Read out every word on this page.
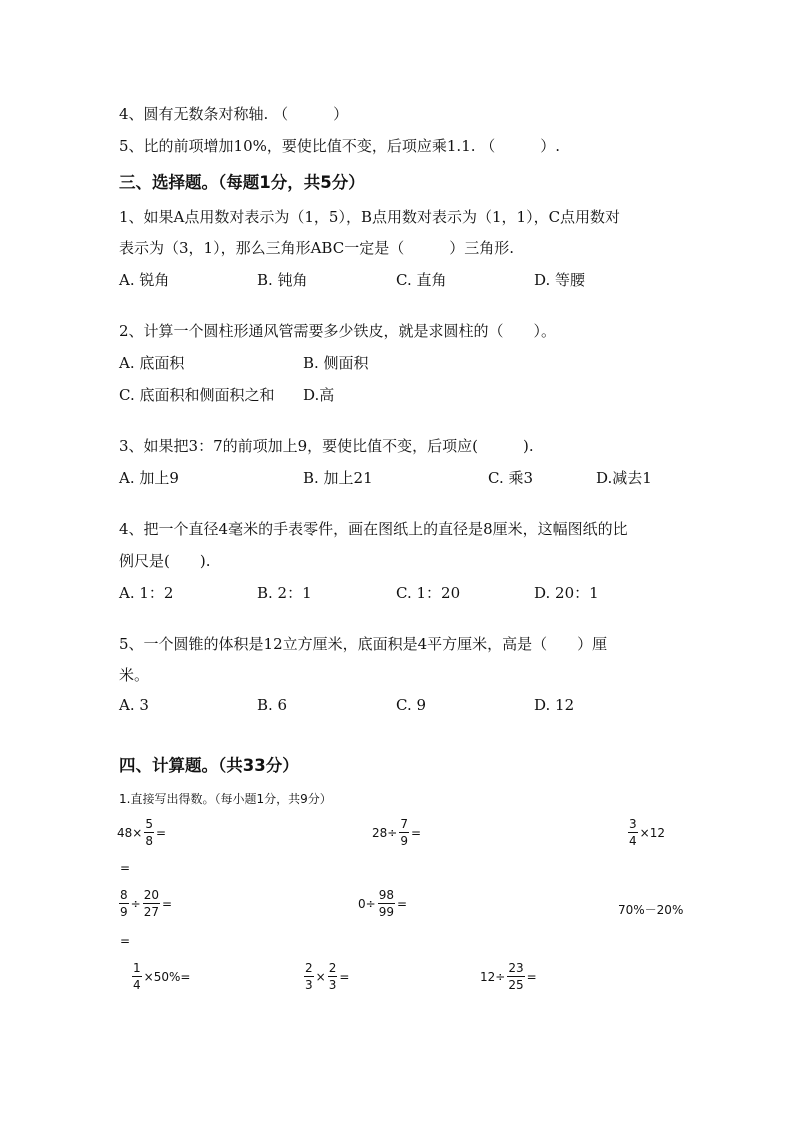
4、圆有无数条对称轴. （　　　）
5、比的前项增加10%，要使比值不变，后项应乘1.1. （　　　）.
三、选择题。（每题1分，共5分）
1、如果A点用数对表示为（1，5），B点用数对表示为（1，1），C点用数对
表示为（3，1），那么三角形ABC一定是（　　　）三角形.
A. 锐角	B. 钝角	C. 直角	D. 等腰
2、计算一个圆柱形通风管需要多少铁皮，就是求圆柱的（　　）。
A. 底面积	B. 侧面积
C. 底面积和侧面积之和 D.高
3、如果把3：7的前项加上9，要使比值不变，后项应(　　　).
A. 加上9	B. 加上21	C. 乘3	D.减去1
4、把一个直径4毫米的手表零件，画在图纸上的直径是8厘米，这幅图纸的比
例尺是(　　).
A. 1：2	B. 2：1	C. 1：20	D. 20：1
5、一个圆锥的体积是12立方厘米，底面积是4平方厘米，高是（　　）厘
米。
A. 3	B. 6	C. 9	D. 12
四、计算题。（共33分）
1.直接写出得数。（每小题1分，共9分）
$48\times \frac{5}{8}$ =	$28\div \frac{7}{9}$ =	$\frac{3}{4} \times 12$
=
$\frac{8}{9} \div \frac{20}{27}$ =	$0\div \frac{98}{99}$ =	70%－20%
=
$\frac{1}{4} \times 50\%=$	$\frac{2}{3} \times \frac{2}{3}$ =	$12\div \frac{23}{25}$ =
